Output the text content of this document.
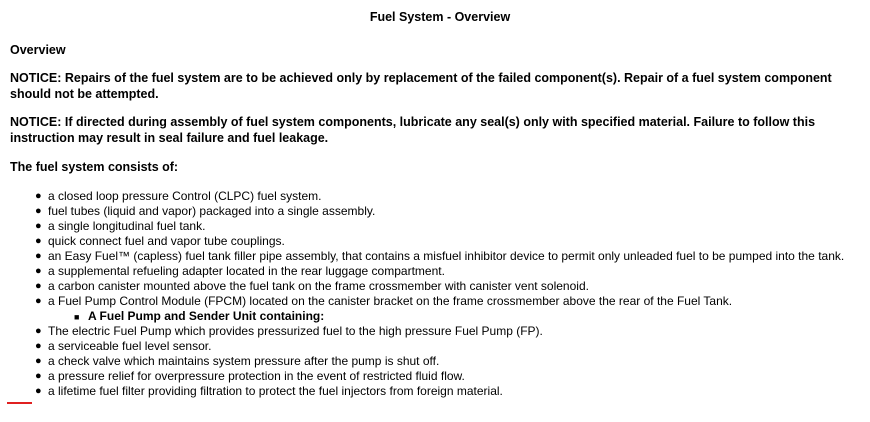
Fuel System - Overview
Overview
NOTICE: Repairs of the fuel system are to be achieved only by replacement of the failed component(s). Repair of a fuel system component should not be attempted.
NOTICE: If directed during assembly of fuel system components, lubricate any seal(s) only with specified material. Failure to follow this instruction may result in seal failure and fuel leakage.
The fuel system consists of:
● a closed loop pressure Control (CLPC) fuel system.
● fuel tubes (liquid and vapor) packaged into a single assembly.
● a single longitudinal fuel tank.
● quick connect fuel and vapor tube couplings.
● an Easy Fuel™ (capless) fuel tank filler pipe assembly, that contains a misfuel inhibitor device to permit only unleaded fuel to be pumped into the tank.
● a supplemental refueling adapter located in the rear luggage compartment.
● a carbon canister mounted above the fuel tank on the frame crossmember with canister vent solenoid.
● a Fuel Pump Control Module (FPCM) located on the canister bracket on the frame crossmember above the rear of the Fuel Tank.
■ A Fuel Pump and Sender Unit containing:
● The electric Fuel Pump which provides pressurized fuel to the high pressure Fuel Pump (FP).
● a serviceable fuel level sensor.
● a check valve which maintains system pressure after the pump is shut off.
● a pressure relief for overpressure protection in the event of restricted fluid flow.
● a lifetime fuel filter providing filtration to protect the fuel injectors from foreign material.
